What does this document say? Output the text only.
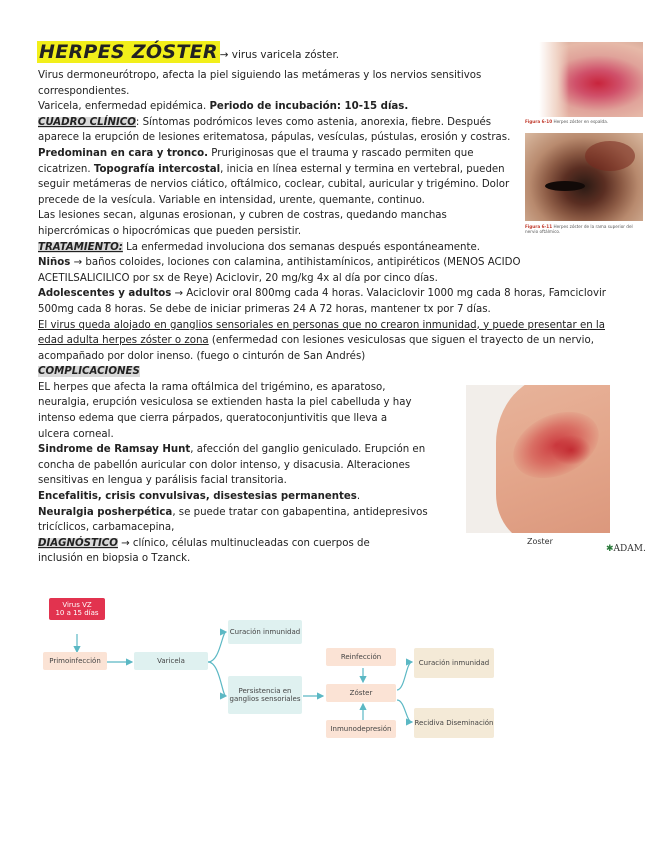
HERPES ZÓSTER → virus varicela zóster.
Virus dermoneurótropo, afecta la piel siguiendo las metámeras y los nervios sensitivos
correspondientes.
Varicela, enfermedad epidémica. Periodo de incubación: 10-15 días.
CUADRO CLÍNICO: Síntomas podrómicos leves como astenia, anorexia, fiebre. Después
aparece la erupción de lesiones eritematosa, pápulas, vesículas, pústulas, erosión y costras.
Predominan en cara y tronco. Pruriginosas que el trauma y rascado permiten que
cicatrizen. Topografía intercostal, inicia en línea esternal y termina en vertebral, pueden
seguir metámeras de nervios ciático, oftálmico, coclear, cubital, auricular y trigémino. Dolor
precede de la vesícula. Variable en intensidad, urente, quemante, continuo.
Las lesiones secan, algunas erosionan, y cubren de costras, quedando manchas
hipercrómicas o hipocrómicas que pueden persistir.
TRATAMIENTO: La enfermedad involuciona dos semanas después espontáneamente.
Niños → baños coloides, lociones con calamina, antihistamínicos, antipiréticos (MENOS ACIDO
ACETILSALICILICO por sx de Reye) Aciclovir, 20 mg/kg 4x al día por cinco días.
Adolescentes y adultos → Aciclovir oral 800mg cada 4 horas. Valaciclovir 1000 mg cada 8 horas, Famciclovir
500mg cada 8 horas. Se debe de iniciar primeras 24 A 72 horas, mantener tx por 7 días.
El virus queda alojado en ganglios sensoriales en personas que no crearon inmunidad, y puede presentar en la
edad adulta herpes zóster o zona (enfermedad con lesiones vesiculosas que siguen el trayecto de un nervio,
acompañado por dolor inenso. (fuego o cinturón de San Andrés)
COMPLICACIONES
EL herpes que afecta la rama oftálmica del trigémino, es aparatoso,
neuralgia, erupción vesiculosa se extienden hasta la piel cabelluda y hay
intenso edema que cierra párpados, queratoconjuntivitis que lleva a
ulcera corneal.
Sindrome de Ramsay Hunt, afección del ganglio geniculado. Erupción en
concha de pabellón auricular con dolor intenso, y disacusia. Alteraciones
sensitivas en lengua y parálisis facial transitoria.
Encefalitis, crisis convulsivas, disestesias permanentes.
Neuralgia posherpética, se puede tratar con gabapentina, antidepresivos
tricíclicos, carbamacepina,
DIAGNÓSTICO → clínico, células multinucleadas con cuerpos de
inclusión en biopsia o Tzanck.
Figura 6-10 Herpes zóster en espalda.
Figura 6-11 Herpes zóster de la rama superior del nervio oftálmico.
Zoster
✱ADAM.
Virus VZ
10 a 15 días
Primoinfección	Varicela
Curación inmunidad
Persistencia en ganglios sensoriales
Reinfección
Zóster
Inmunodepresión
Curación inmunidad
Recidiva Diseminación
